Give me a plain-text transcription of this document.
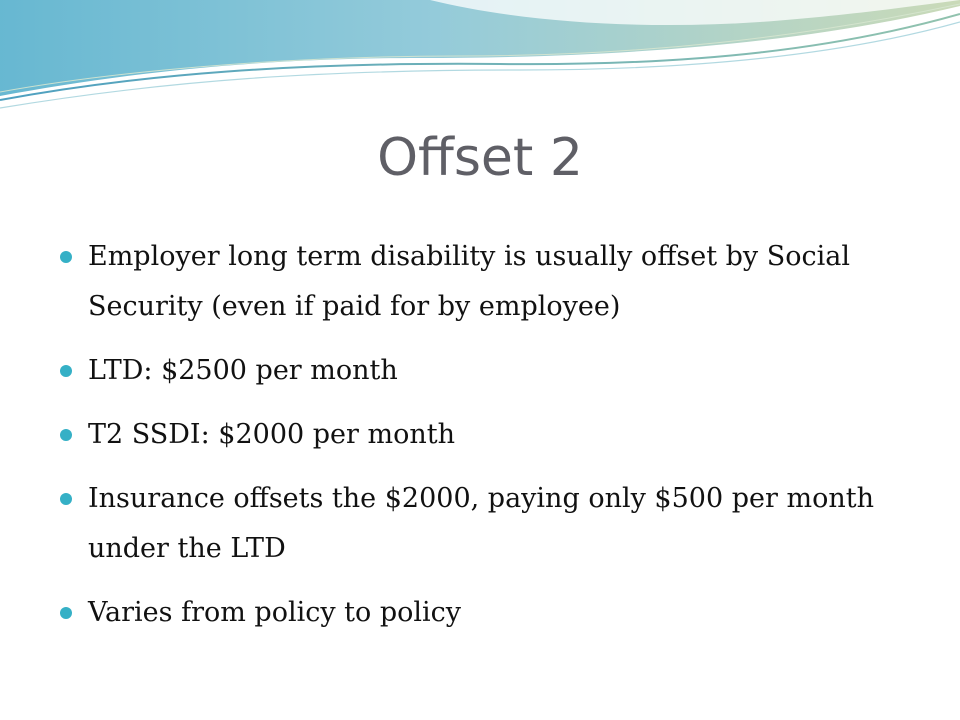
Offset 2
Employer long term disability is usually offset by Social Security (even if paid for by employee)
LTD: $2500 per month
T2 SSDI: $2000 per month
Insurance offsets the $2000, paying only $500 per month under the LTD
Varies from policy to policy
